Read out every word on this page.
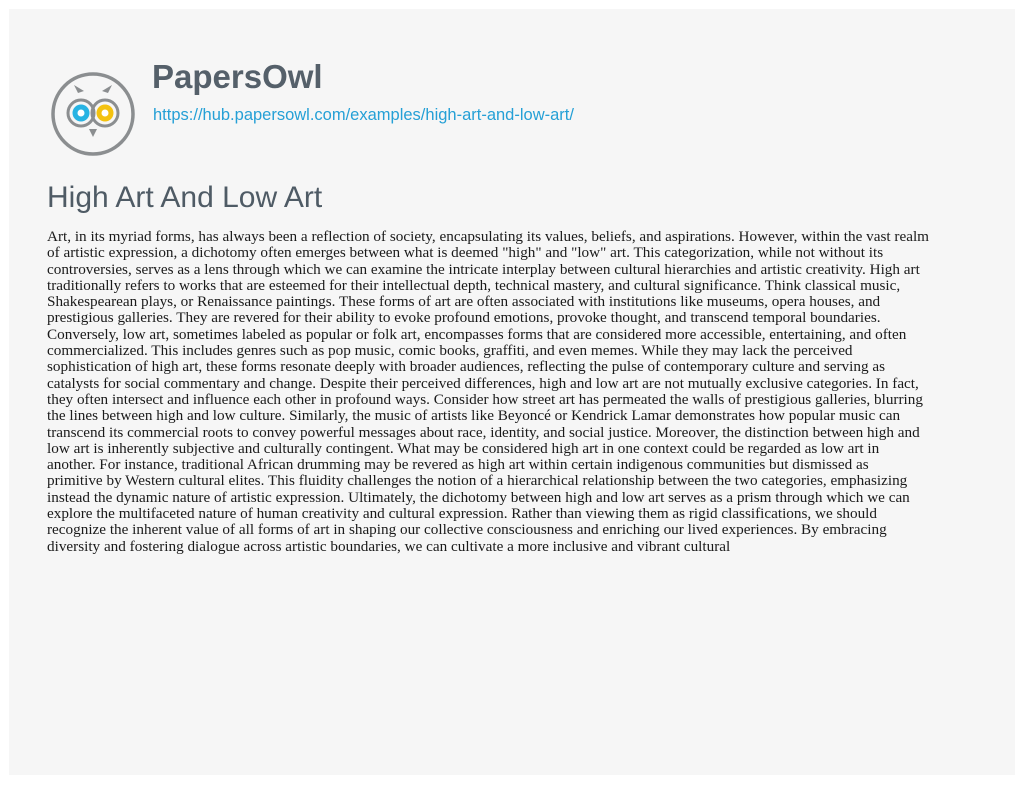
PapersOwl
https://hub.papersowl.com/examples/high-art-and-low-art/
High Art And Low Art

Art, in its myriad forms, has always been a reflection of society, encapsulating its values, beliefs, and aspirations. However, within the vast realm
of artistic expression, a dichotomy often emerges between what is deemed "high" and "low" art. This categorization, while not without its
controversies, serves as a lens through which we can examine the intricate interplay between cultural hierarchies and artistic creativity. High art
traditionally refers to works that are esteemed for their intellectual depth, technical mastery, and cultural significance. Think classical music,
Shakespearean plays, or Renaissance paintings. These forms of art are often associated with institutions like museums, opera houses, and
prestigious galleries. They are revered for their ability to evoke profound emotions, provoke thought, and transcend temporal boundaries.
Conversely, low art, sometimes labeled as popular or folk art, encompasses forms that are considered more accessible, entertaining, and often
commercialized. This includes genres such as pop music, comic books, graffiti, and even memes. While they may lack the perceived
sophistication of high art, these forms resonate deeply with broader audiences, reflecting the pulse of contemporary culture and serving as
catalysts for social commentary and change. Despite their perceived differences, high and low art are not mutually exclusive categories. In fact,
they often intersect and influence each other in profound ways. Consider how street art has permeated the walls of prestigious galleries, blurring
the lines between high and low culture. Similarly, the music of artists like Beyoncé or Kendrick Lamar demonstrates how popular music can
transcend its commercial roots to convey powerful messages about race, identity, and social justice. Moreover, the distinction between high and
low art is inherently subjective and culturally contingent. What may be considered high art in one context could be regarded as low art in
another. For instance, traditional African drumming may be revered as high art within certain indigenous communities but dismissed as
primitive by Western cultural elites. This fluidity challenges the notion of a hierarchical relationship between the two categories, emphasizing
instead the dynamic nature of artistic expression. Ultimately, the dichotomy between high and low art serves as a prism through which we can
explore the multifaceted nature of human creativity and cultural expression. Rather than viewing them as rigid classifications, we should
recognize the inherent value of all forms of art in shaping our collective consciousness and enriching our lived experiences. By embracing
diversity and fostering dialogue across artistic boundaries, we can cultivate a more inclusive and vibrant cultural
